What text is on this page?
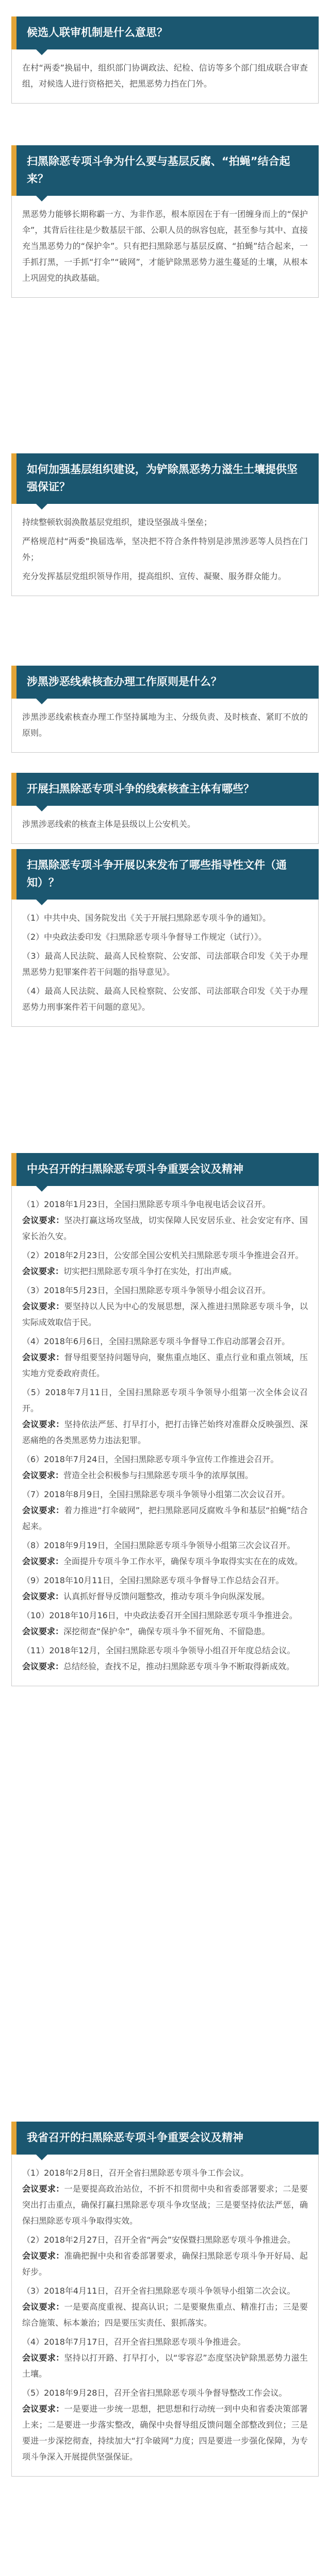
候选人联审机制是什么意思？

在村“两委”换届中，组织部门协调政法、纪检、信访等多个部门组成联合审查组，对候选人进行资格把关，把黑恶势力挡在门外。

扫黑除恶专项斗争为什么要与基层反腐、“拍蝇”结合起来？

黑恶势力能够长期称霸一方、为非作恶，根本原因在于有一团缠身而上的“保护伞”，其背后往往是少数基层干部、公职人员的纵容包庇，甚至参与其中、直接充当黑恶势力的“保护伞”。只有把扫黑除恶与基层反腐、“拍蝇”结合起来，一手抓打黑，一手抓“打伞”“破网”，才能铲除黑恶势力滋生蔓延的土壤，从根本上巩固党的执政基础。

如何加强基层组织建设，为铲除黑恶势力滋生土壤提供坚强保证？

持续整顿软弱涣散基层党组织，建设坚强战斗堡垒；

严格规范村“两委”换届选举，坚决把不符合条件特别是涉黑涉恶等人员挡在门外；

充分发挥基层党组织领导作用，提高组织、宣传、凝聚、服务群众能力。

涉黑涉恶线索核查办理工作原则是什么？

涉黑涉恶线索核查办理工作坚持属地为主、分级负责、及时核查、紧盯不放的原则。

开展扫黑除恶专项斗争的线索核查主体有哪些？

涉黑涉恶线索的核查主体是县级以上公安机关。

扫黑除恶专项斗争开展以来发布了哪些指导性文件（通知）？

（1）中共中央、国务院发出《关于开展扫黑除恶专项斗争的通知》。

（2）中央政法委印发《扫黑除恶专项斗争督导工作规定（试行）》。

（3）最高人民法院、最高人民检察院、公安部、司法部联合印发《关于办理黑恶势力犯罪案件若干问题的指导意见》。

（4）最高人民法院、最高人民检察院、公安部、司法部联合印发《关于办理恶势力刑事案件若干问题的意见》。

中央召开的扫黑除恶专项斗争重要会议及精神

（1）2018年1月23日，全国扫黑除恶专项斗争电视电话会议召开。
会议要求：坚决打赢这场攻坚战，切实保障人民安居乐业、社会安定有序、国家长治久安。

（2）2018年2月23日，公安部全国公安机关扫黑除恶专项斗争推进会召开。
会议要求：切实把扫黑除恶专项斗争打在实处，打出声威。

（3）2018年5月23日，全国扫黑除恶专项斗争领导小组会议召开。
会议要求：要坚持以人民为中心的发展思想，深入推进扫黑除恶专项斗争，以实际成效取信于民。

（4）2018年6月6日，全国扫黑除恶专项斗争督导工作启动部署会召开。
会议要求：督导组要坚持问题导向，聚焦重点地区、重点行业和重点领域，压实地方党委政府责任。

（5）2018年7月11日，全国扫黑除恶专项斗争领导小组第一次全体会议召开。
会议要求：坚持依法严惩、打早打小，把打击锋芒始终对准群众反映强烈、深恶痛绝的各类黑恶势力违法犯罪。

（6）2018年7月24日，全国扫黑除恶专项斗争宣传工作推进会召开。
会议要求：营造全社会积极参与扫黑除恶专项斗争的浓厚氛围。

（7）2018年8月9日，全国扫黑除恶专项斗争领导小组第二次会议召开。
会议要求：着力推进“打伞破网”，把扫黑除恶同反腐败斗争和基层“拍蝇”结合起来。

（8）2018年9月19日，全国扫黑除恶专项斗争领导小组第三次会议召开。
会议要求：全面提升专项斗争工作水平，确保专项斗争取得实实在在的成效。

（9）2018年10月11日，全国扫黑除恶专项斗争督导工作总结会召开。
会议要求：认真抓好督导反馈问题整改，推动专项斗争向纵深发展。

（10）2018年10月16日，中央政法委召开全国扫黑除恶专项斗争推进会。
会议要求：深挖彻查“保护伞”，确保专项斗争不留死角、不留隐患。

（11）2018年12月，全国扫黑除恶专项斗争领导小组召开年度总结会议。
会议要求：总结经验，查找不足，推动扫黑除恶专项斗争不断取得新成效。

我省召开的扫黑除恶专项斗争重要会议及精神

（1）2018年2月8日，召开全省扫黑除恶专项斗争工作会议。
会议要求：一是要提高政治站位，不折不扣贯彻中央和省委部署要求；二是要突出打击重点，确保打赢扫黑除恶专项斗争攻坚战；三是要坚持依法严惩，确保扫黑除恶专项斗争取得实效。

（2）2018年2月27日，召开全省“两会”安保暨扫黑除恶专项斗争推进会。
会议要求：准确把握中央和省委部署要求，确保扫黑除恶专项斗争开好局、起好步。

（3）2018年4月11日，召开全省扫黑除恶专项斗争领导小组第二次会议。
会议要求：一是要高度重视、提高认识；二是要聚焦重点、精准打击；三是要综合施策、标本兼治；四是要压实责任、狠抓落实。

（4）2018年7月17日，召开全省扫黑除恶专项斗争推进会。
会议要求：坚持以打开路、打早打小，以“零容忍”态度坚决铲除黑恶势力滋生土壤。

（5）2018年9月28日，召开全省扫黑除恶专项斗争督导整改工作会议。
会议要求：一是要进一步统一思想，把思想和行动统一到中央和省委决策部署上来；二是要进一步落实整改，确保中央督导组反馈问题全部整改到位；三是要进一步深挖彻查，持续加大“打伞破网”力度；四是要进一步强化保障，为专项斗争深入开展提供坚强保证。
